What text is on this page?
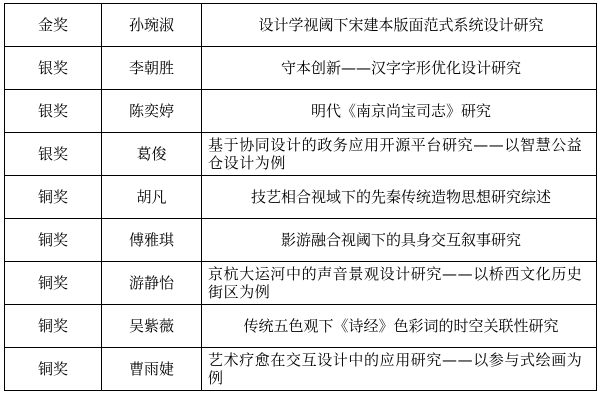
金奖	孙琬淑	设计学视阈下宋建本版面范式系统设计研究
银奖	李朝胜	守本创新——汉字字形优化设计研究
银奖	陈奕婷	明代《南京尚宝司志》研究
银奖	葛俊	基于协同设计的政务应用开源平台研究——以智慧公益仓设计为例
铜奖	胡凡	技艺相合视域下的先秦传统造物思想研究综述
铜奖	傅雅琪	影游融合视阈下的具身交互叙事研究
铜奖	游静怡	京杭大运河中的声音景观设计研究——以桥西文化历史街区为例
铜奖	吴紫薇	传统五色观下《诗经》色彩词的时空关联性研究
铜奖	曹雨婕	艺术疗愈在交互设计中的应用研究——以参与式绘画为例
